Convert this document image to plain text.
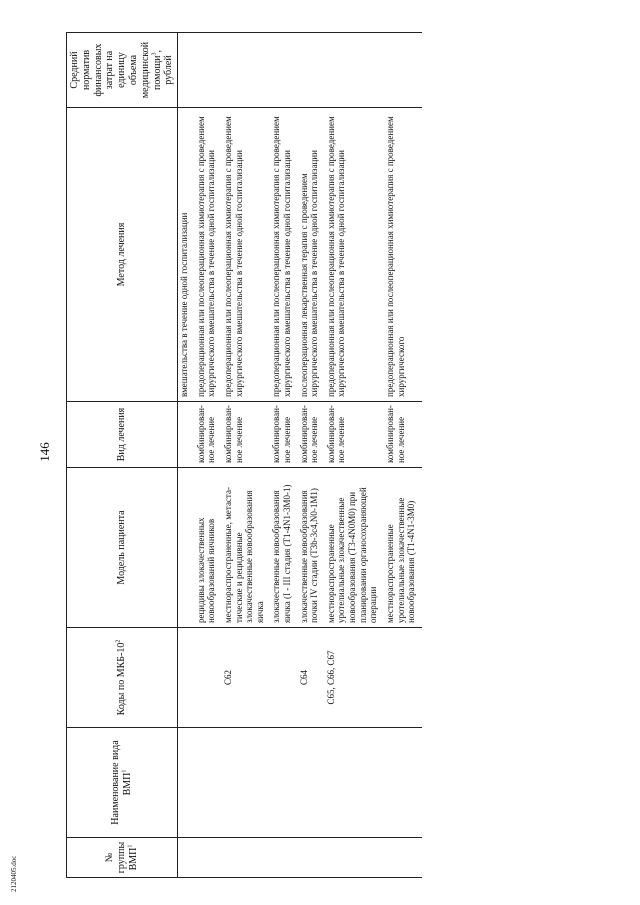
146
№ группы ВМП$^1$	Наименование вида ВМП$^1$	Коды по МКБ-$10^2$	Модель пациента	Вид лечения	Метод лечения	Средний норматив финансовых затрат на единицу объема медицинской помощи$^3$, рублей
					вмешательства в течение одной госпитализации	
			рецидивы злокачественных новообразований яичников	комбинирован-ное лечение	предоперационная или послеоперационная химиотерапия с проведением хирургического вмешательства в течение одной госпитализации	
		C62	местнораспространенные, метаста-тические и рецидивные злокачественные новообразования яичка	комбинирован-ное лечение	предоперационная или послеоперационная химиотерапия с проведением хирургического вмешательства в течение одной госпитализации	
			злокачественные новообразования яичка (I - III стадия (T1-4N1-3M0-1)	комбинирован-ное лечение	предоперационная или послеоперационная химиотерапия с проведением хирургического вмешательства в течение одной госпитализации	
		C64	злокачественные новообразования почки IV стадии (T3b-3c4,N0-1M1)	комбинирован-ное лечение	послеоперационная лекарственная терапия с проведением хирургического вмешательства в течение одной госпитализации	
		C65, C66, C67	местнораспространенные уротелиальные злокачественные новообразования (T3-4N0M0) при планировании органосохраняющей операции	комбинирован-ное лечение	предоперационная или послеоперационная химиотерапия с проведением хирургического вмешательства в течение одной госпитализации	
			местнораспространенные уротелиальные злокачественные новообразования (T1-4N1-3M0)	комбинирован-ное лечение	предоперационная или послеоперационная химиотерапия с проведением хирургического	
2120405.doc
